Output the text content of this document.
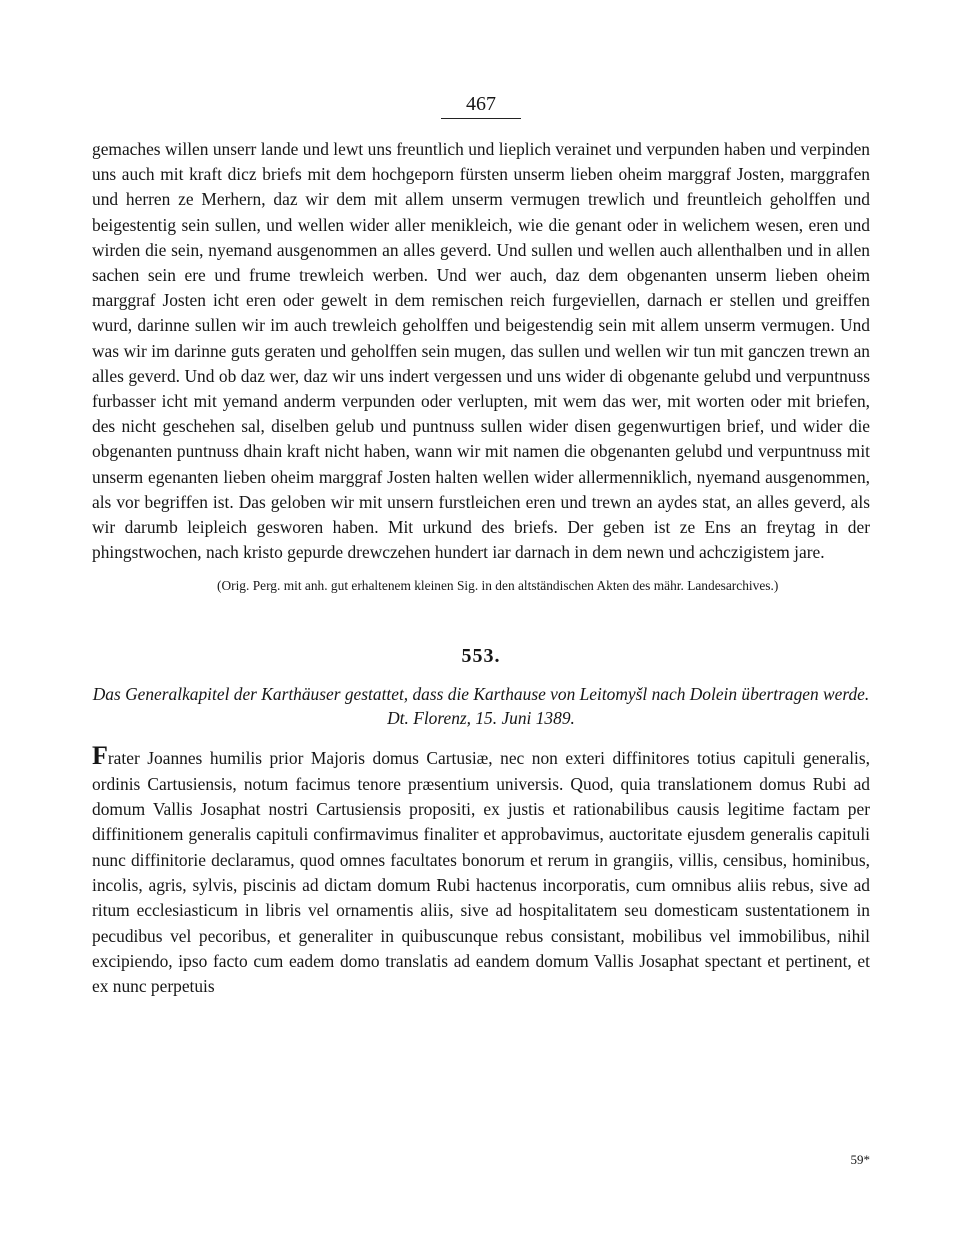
467

gemaches willen unserr lande und lewt uns freuntlich und lieplich verainet und verpunden haben und verpinden uns auch mit kraft dicz briefs mit dem hochgeporn fürsten unserm lieben oheim marggraf Josten, marggrafen und herren ze Merhern, daz wir dem mit allem unserm vermugen trewlich und freuntleich geholffen und beigestentig sein sullen, und wellen wider aller menikleich, wie die genant oder in welichem wesen, eren und wirden die sein, nyemand ausgenommen an alles geverd. Und sullen und wellen auch allenthalben und in allen sachen sein ere und frume trewleich werben. Und wer auch, daz dem obgenanten unserm lieben oheim marggraf Josten icht eren oder gewelt in dem remischen reich furgeviellen, darnach er stellen und greiffen wurd, darinne sullen wir im auch trewleich geholffen und beigestendig sein mit allem unserm vermugen. Und was wir im darinne guts geraten und geholffen sein mugen, das sullen und wellen wir tun mit ganczen trewn an alles geverd. Und ob daz wer, daz wir uns indert vergessen und uns wider di obgenante gelubd und verpuntnuss furbasser icht mit yemand anderm verpunden oder verlupten, mit wem das wer, mit worten oder mit briefen, des nicht geschehen sal, diselben gelub und puntnuss sullen wider disen gegenwurtigen brief, und wider die obgenanten puntnuss dhain kraft nicht haben, wann wir mit namen die obgenanten gelubd und verpuntnuss mit unserm egenanten lieben oheim marggraf Josten halten wellen wider allermenniklich, nyemand ausgenommen, als vor begriffen ist. Das geloben wir mit unsern furstleichen eren und trewn an aydes stat, an alles geverd, als wir darumb leipleich gesworen haben. Mit urkund des briefs. Der geben ist ze Ens an freytag in der phingstwochen, nach kristo gepurde drewczehen hundert iar darnach in dem newn und achczigistem jare.

(Orig. Perg. mit anh. gut erhaltenem kleinen Sig. in den altständischen Akten des mähr. Landesarchives.)

553.

Das Generalkapitel der Karthäuser gestattet, dass die Karthause von Leitomyšl nach Dolein übertragen werde. Dt. Florenz, 15. Juni 1389.

Frater Joannes humilis prior Majoris domus Cartusiæ, nec non exteri diffinitores totius capituli generalis, ordinis Cartusiensis, notum facimus tenore præsentium universis. Quod, quia translationem domus Rubi ad domum Vallis Josaphat nostri Cartusiensis propositi, ex justis et rationabilibus causis legitime factam per diffinitionem generalis capituli confirmavimus finaliter et approbavimus, auctoritate ejusdem generalis capituli nunc diffinitorie declaramus, quod omnes facultates bonorum et rerum in grangiis, villis, censibus, hominibus, incolis, agris, sylvis, piscinis ad dictam domum Rubi hactenus incorporatis, cum omnibus aliis rebus, sive ad ritum ecclesiasticum in libris vel ornamentis aliis, sive ad hospitalitatem seu domesticam sustentationem in pecudibus vel pecoribus, et generaliter in quibuscunque rebus consistant, mobilibus vel immobilibus, nihil excipiendo, ipso facto cum eadem domo translatis ad eandem domum Vallis Josaphat spectant et pertinent, et ex nunc perpetuis

59*
